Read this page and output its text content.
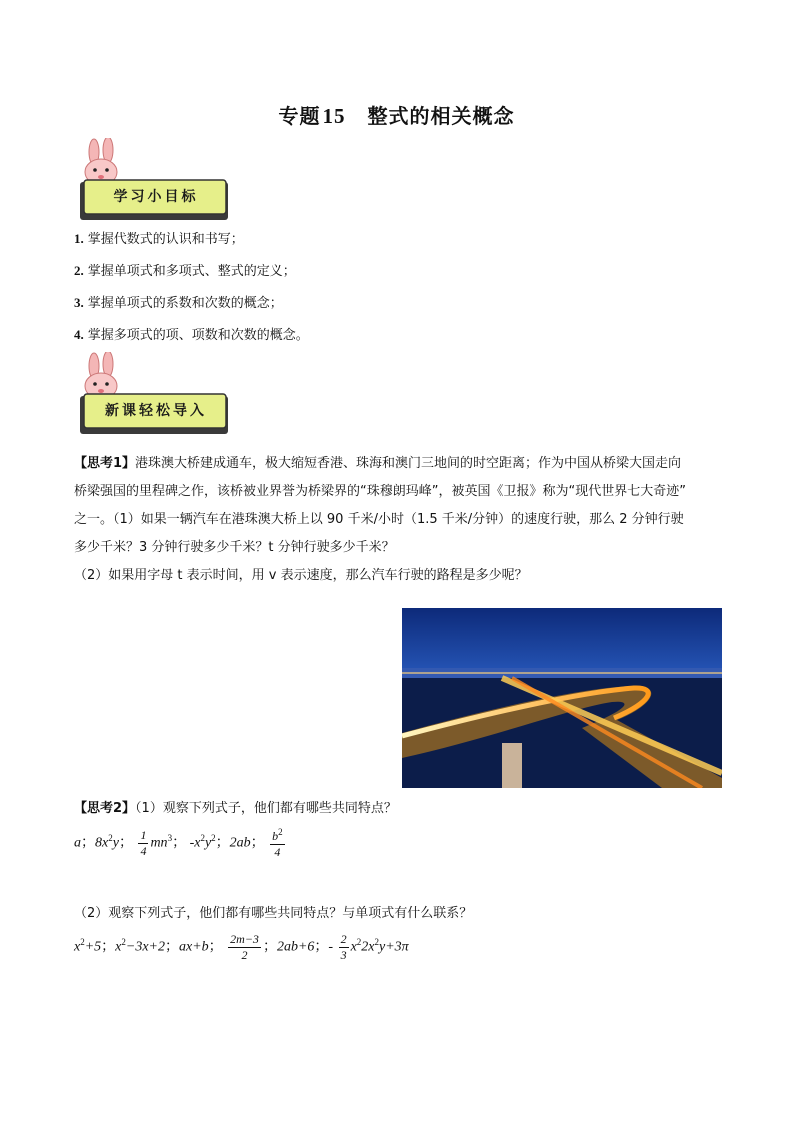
专题15 整式的相关概念
学习小目标
1. 掌握代数式的认识和书写；
2. 掌握单项式和多项式、整式的定义；
3. 掌握单项式的系数和次数的概念；
4. 掌握多项式的项、项数和次数的概念。
新课轻松导入
【思考1】港珠澳大桥建成通车，极大缩短香港、珠海和澳门三地间的时空距离；作为中国从桥梁大国走向
桥梁强国的里程碑之作，该桥被业界誉为桥梁界的“珠穆朗玛峰”，被英国《卫报》称为“现代世界七大奇迹”
之一。（1）如果一辆汽车在港珠澳大桥上以 90 千米/小时（1.5 千米/分钟）的速度行驶，那么 2 分钟行驶
多少千米？3 分钟行驶多少千米？t 分钟行驶多少千米？
（2）如果用字母 t 表示时间，用 v 表示速度，那么汽车行驶的路程是多少呢？
【思考2】（1）观察下列式子，他们都有哪些共同特点？
a；$8x^2y$； $\frac{1}{4} mn^3$； $-x^2y^2$；2ab； $\frac{b^2}{4}$
（2）观察下列式子，他们都有哪些共同特点？与单项式有什么联系？
$x^2+5$；$x^2-3x+2$；ax+b； $\frac{2m-3}{2}$ ；2ab+6；- $\frac{2}{3} x^22x^2y+3\pi$
